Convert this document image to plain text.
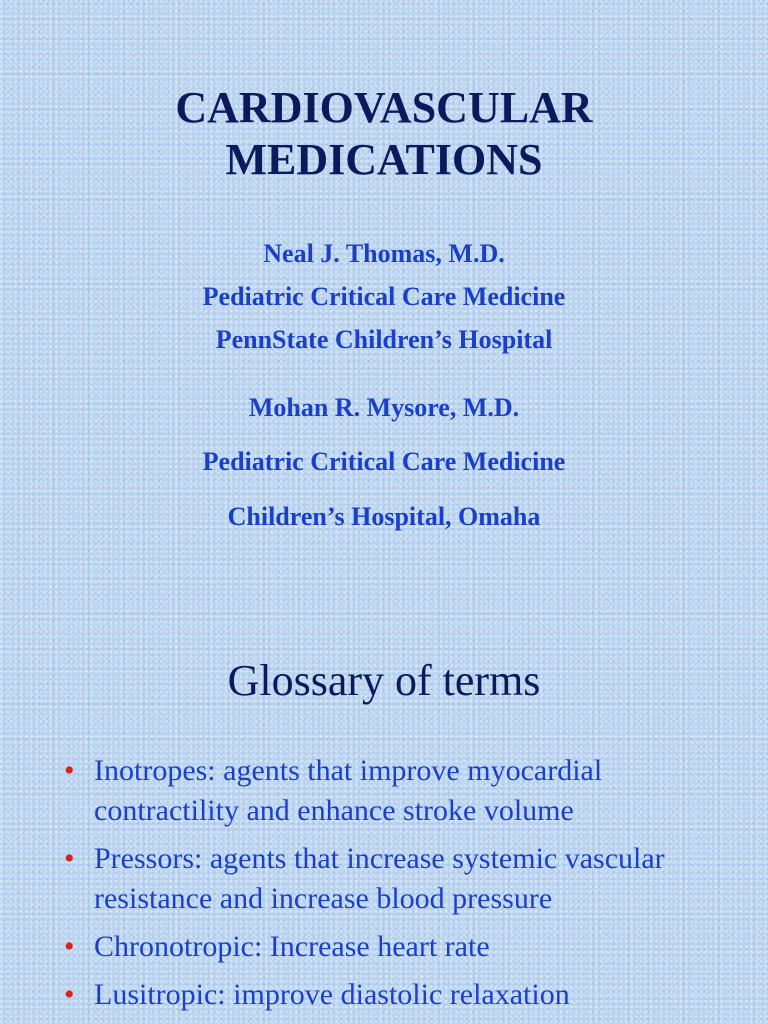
CARDIOVASCULAR
MEDICATIONS

Neal J. Thomas, M.D.

Pediatric Critical Care Medicine

PennState Children’s Hospital

Mohan R. Mysore, M.D.

Pediatric Critical Care Medicine

Children’s Hospital, Omaha

Glossary of terms
• Inotropes: agents that improve myocardial contractility and enhance stroke volume
• Pressors: agents that increase systemic vascular resistance and increase blood pressure
• Chronotropic: Increase heart rate
• Lusitropic: improve diastolic relaxation
